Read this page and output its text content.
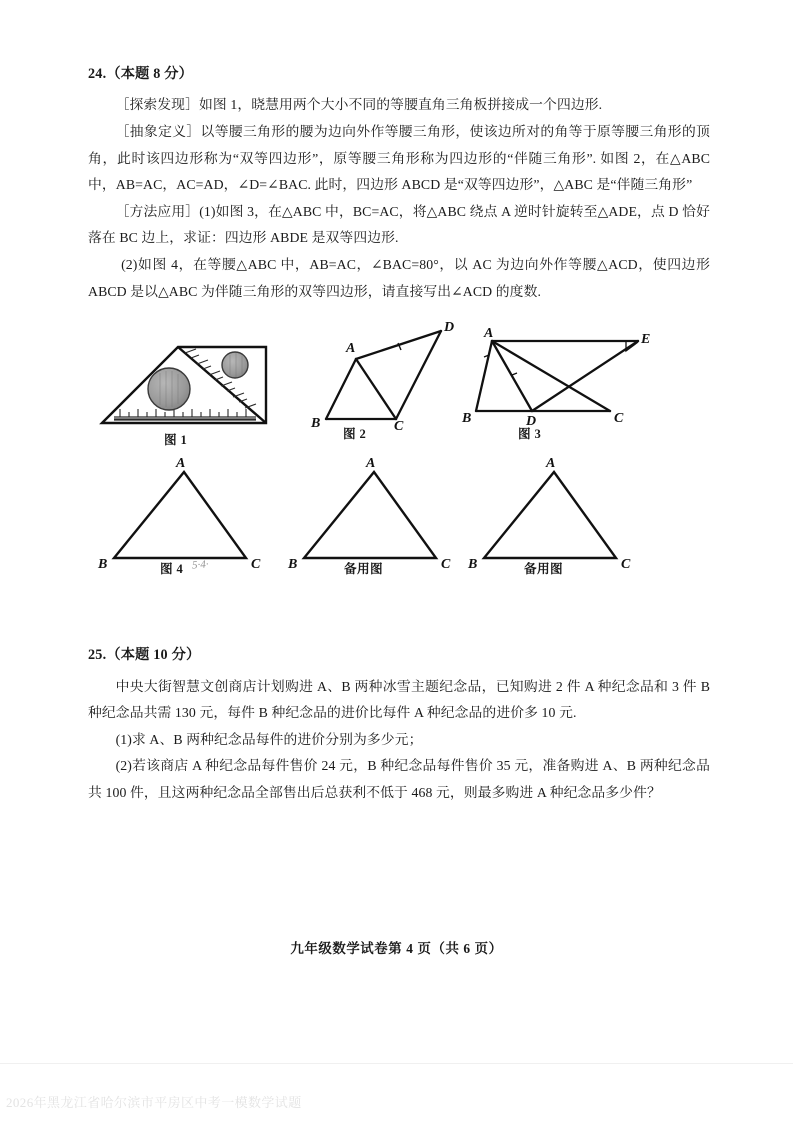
24.（本题 8 分）

［探索发现］如图 1，晓慧用两个大小不同的等腰直角三角板拼接成一个四边形.

［抽象定义］以等腰三角形的腰为边向外作等腰三角形，使该边所对的角等于原等腰三角形的顶角，此时该四边形称为“双等四边形”，原等腰三角形称为四边形的“伴随三角形”. 如图 2，在△ABC 中，AB=AC，AC=AD，∠D=∠BAC. 此时，四边形 ABCD 是“双等四边形”，△ABC 是“伴随三角形”

［方法应用］(1)如图 3，在△ABC 中，BC=AC，将△ABC 绕点 A 逆时针旋转至△ADE，点 D 恰好落在 BC 边上，求证：四边形 ABDE 是双等四边形.

(2)如图 4，在等腰△ABC 中，AB=AC，∠BAC=80°，以 AC 为边向外作等腰△ACD，使四边形 ABCD 是以△ABC 为伴随三角形的双等四边形，请直接写出∠ACD 的度数.

图 1
A
B	C
D
图 2
A	E
B	D	C
图 3
A
B	C
图 4 5·4·
A
B	C
备用图
A
B	C
备用图

25.（本题 10 分）

中央大街智慧文创商店计划购进 A、B 两种冰雪主题纪念品，已知购进 2 件 A 种纪念品和 3 件 B 种纪念品共需 130 元，每件 B 种纪念品的进价比每件 A 种纪念品的进价多 10 元.

(1)求 A、B 两种纪念品每件的进价分别为多少元；

(2)若该商店 A 种纪念品每件售价 24 元，B 种纪念品每件售价 35 元，准备购进 A、B 两种纪念品共 100 件，且这两种纪念品全部售出后总获利不低于 468 元，则最多购进 A 种纪念品多少件？

九年级数学试卷第 4 页（共 6 页）
2026年黑龙江省哈尔滨市平房区中考一模数学试题
